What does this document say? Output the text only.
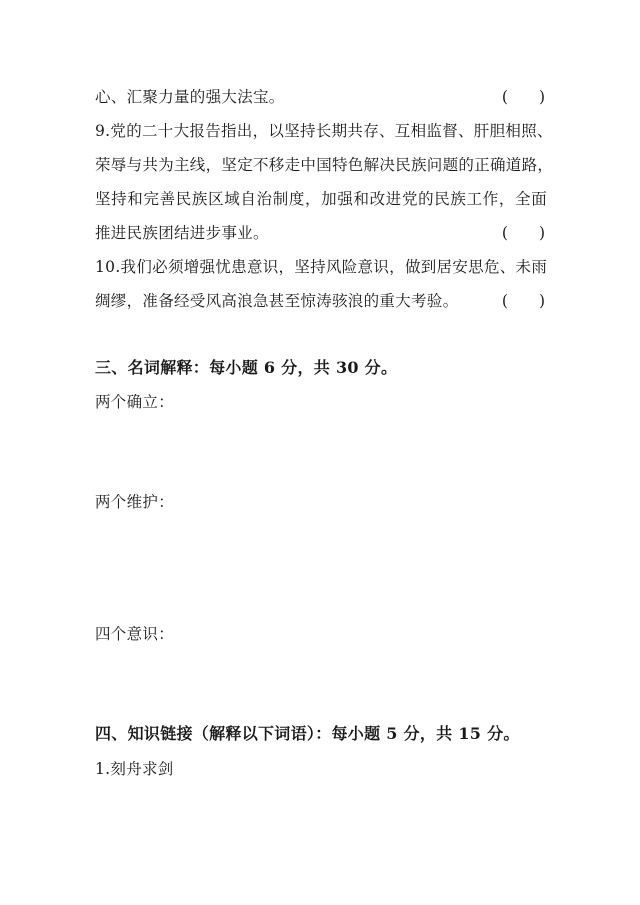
心、汇聚力量的强大法宝。	(　　)
9.党的二十大报告指出，以坚持长期共存、互相监督、肝胆相照、
荣辱与共为主线，坚定不移走中国特色解决民族问题的正确道路，
坚持和完善民族区域自治制度，加强和改进党的民族工作，全面
推进民族团结进步事业。	(　　)
10.我们必须增强忧患意识，坚持风险意识，做到居安思危、未雨
绸缪，准备经受风高浪急甚至惊涛骇浪的重大考验。	(　　)
三、名词解释：每小题 6 分，共 30 分。
两个确立：
两个维护：
四个意识：
四、知识链接（解释以下词语）：每小题 5 分，共 15 分。
1.刻舟求剑
